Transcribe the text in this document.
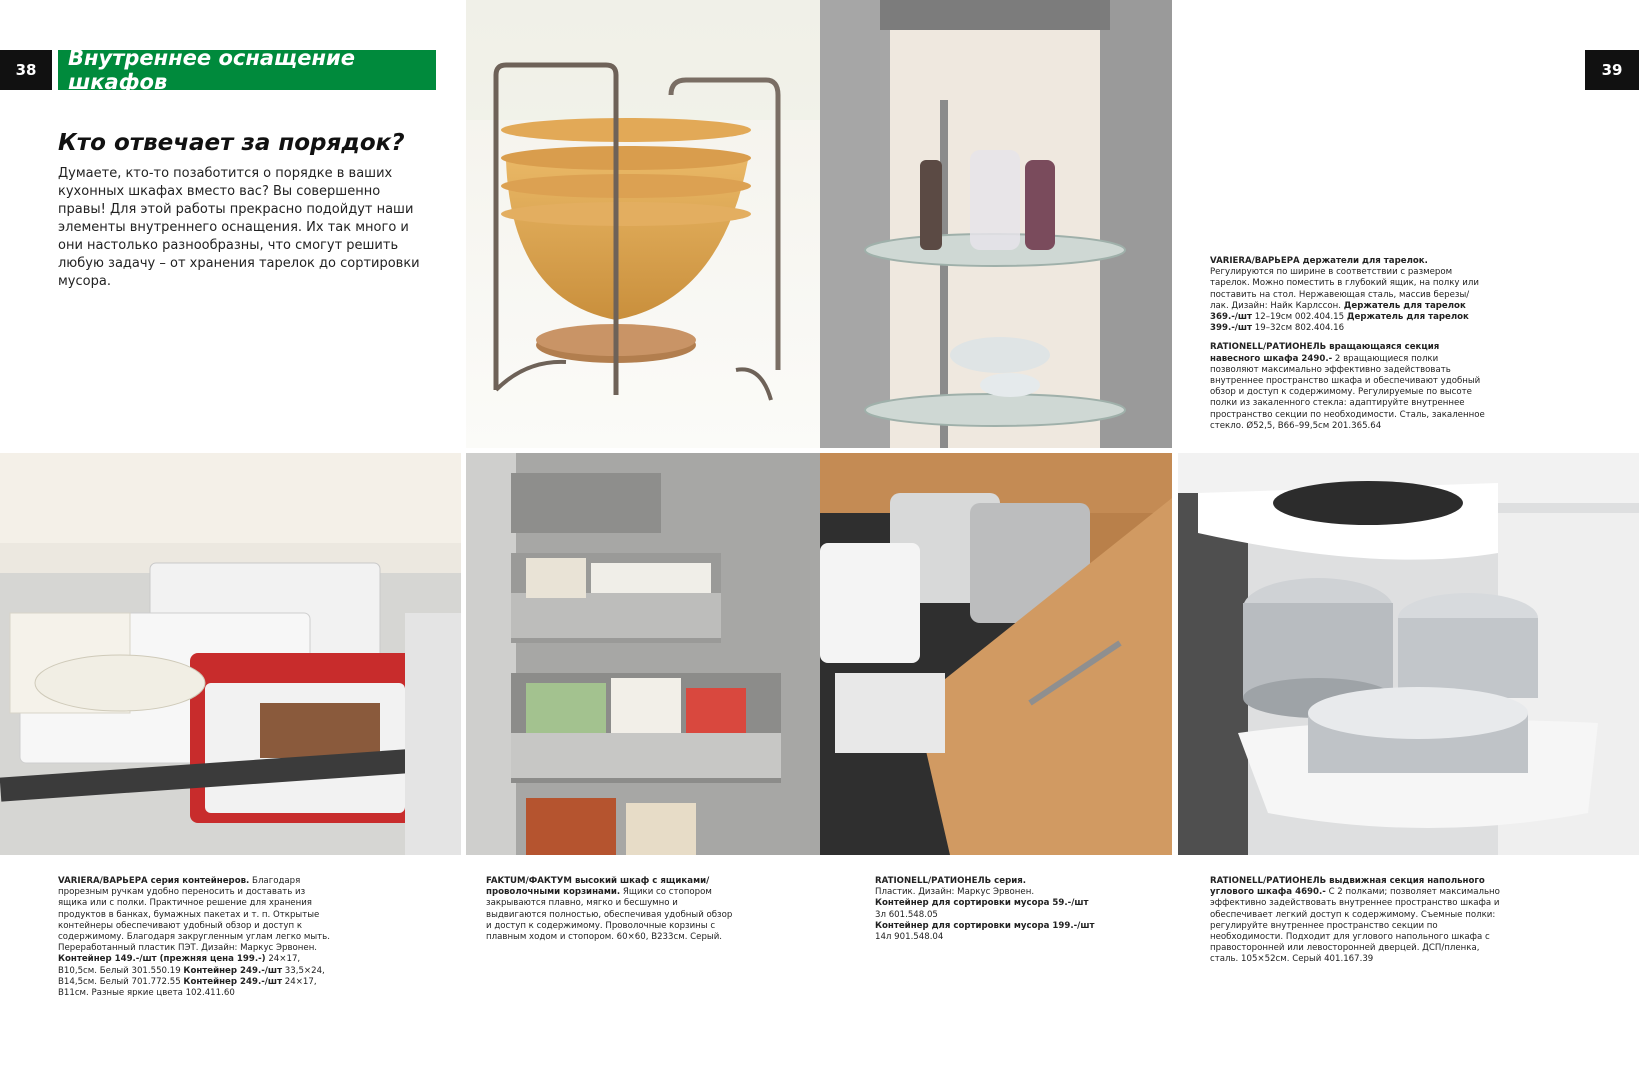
38	Внутреннее оснащение шкафов	39
Кто отвечает за порядок?
Думаете, кто-то позаботится о порядке в ваших кухонных шкафах вместо вас? Вы совершенно правы! Для этой работы прекрасно подойдут наши элементы внутреннего оснащения. Их так много и они настолько разнообразны, что смогут решить любую задачу – от хранения тарелок до сортировки мусора.
VARIERA/ВАРЬЕРА держатели для тарелок. Регулируются по ширине в соответствии с размером тарелок. Можно поместить в глубокий ящик, на полку или поставить на стол. Нержавеющая сталь, массив березы/лак. Дизайн: Найк Карлссон. Держатель для тарелок 369.-/шт 12–19см 002.404.15 Держатель для тарелок 399.-/шт 19–32см 802.404.16
RATIONELL/РАТИОНЕЛЬ вращающаяся секция навесного шкафа 2490.- 2 вращающиеся полки позволяют максимально эффективно задействовать внутреннее пространство шкафа и обеспечивают удобный обзор и доступ к содержимому. Регулируемые по высоте полки из закаленного стекла: адаптируйте внутреннее пространство секции по необходимости. Сталь, закаленное стекло. Ø52,5, В66–99,5см 201.365.64
VARIERA/ВАРЬЕРА серия контейнеров. Благодаря прорезным ручкам удобно переносить и доставать из ящика или с полки. Практичное решение для хранения продуктов в банках, бумажных пакетах и т. п. Открытые контейнеры обеспечивают удобный обзор и доступ к содержимому. Благодаря закругленным углам легко мыть. Переработанный пластик ПЭТ. Дизайн: Маркус Эрвонен. Контейнер 149.-/шт (прежняя цена 199.-) 24×17, В10,5см. Белый 301.550.19 Контейнер 249.-/шт 33,5×24, В14,5см. Белый 701.772.55 Контейнер 249.-/шт 24×17, В11см. Разные яркие цвета 102.411.60
FAKTUM/ФАКТУМ высокий шкаф с ящиками/ проволочными корзинами. Ящики со стопором закрываются плавно, мягко и бесшумно и выдвигаются полностью, обеспечивая удобный обзор и доступ к содержимому. Проволочные корзины с плавным ходом и стопором. 60×60, В233см. Серый.
RATIONELL/РАТИОНЕЛЬ серия.
Пластик. Дизайн: Маркус Эрвонен.
Контейнер для сортировки мусора 59.-/шт
3л 601.548.05
Контейнер для сортировки мусора 199.-/шт
14л 901.548.04
RATIONELL/РАТИОНЕЛЬ выдвижная секция напольного углового шкафа 4690.- С 2 полками; позволяет максимально эффективно задействовать внутреннее пространство шкафа и обеспечивает легкий доступ к содержимому. Съемные полки: регулируйте внутреннее пространство секции по необходимости. Подходит для углового напольного шкафа с правосторонней или левосторонней дверцей. ДСП/пленка, сталь. 105×52см. Серый 401.167.39
